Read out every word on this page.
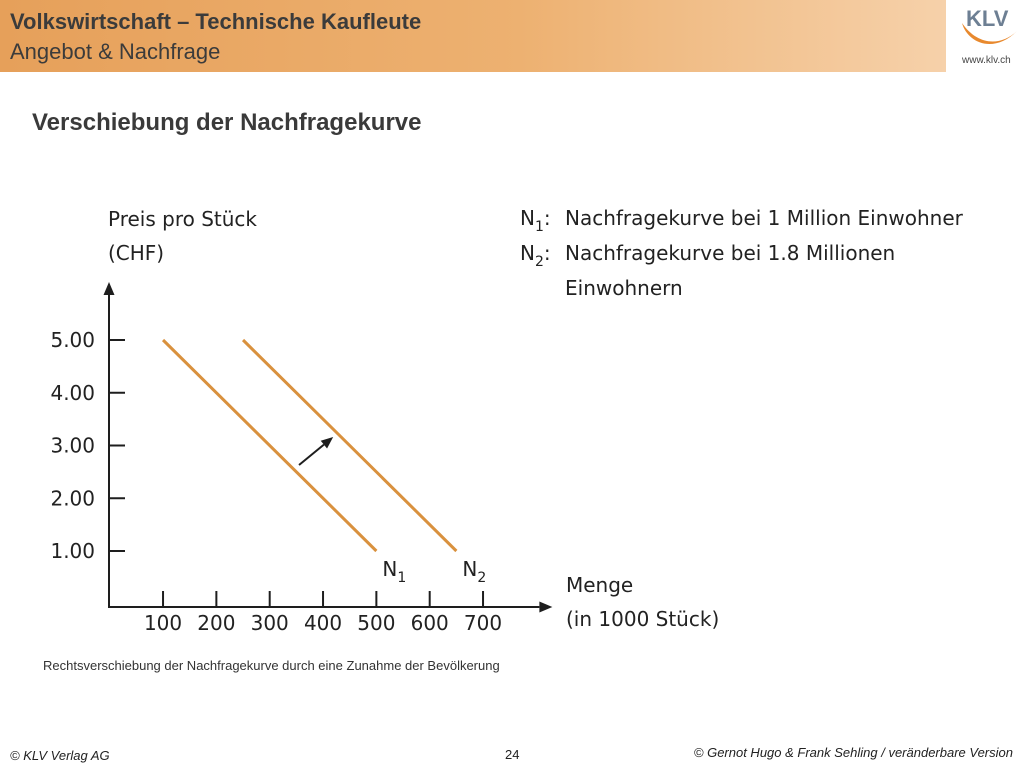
Volkswirtschaft – Technische Kaufleute
Angebot & Nachfrage
KLV
www.klv.ch
Verschiebung der Nachfragekurve
1.00
2.00
3.00
4.00
5.00
100 200 300 400 500 600 700
Preis pro Stück
(CHF)
Menge
(in 1000 Stück)
$N_1$	$N_2$
$N_1$: Nachfragekurve bei 1 Million Einwohner
$N_2$: Nachfragekurve bei 1.8 Millionen
Einwohnern
Rechtsverschiebung der Nachfragekurve durch eine Zunahme der Bevölkerung
© KLV Verlag AG	24	© Gernot Hugo & Frank Sehling / veränderbare Version
